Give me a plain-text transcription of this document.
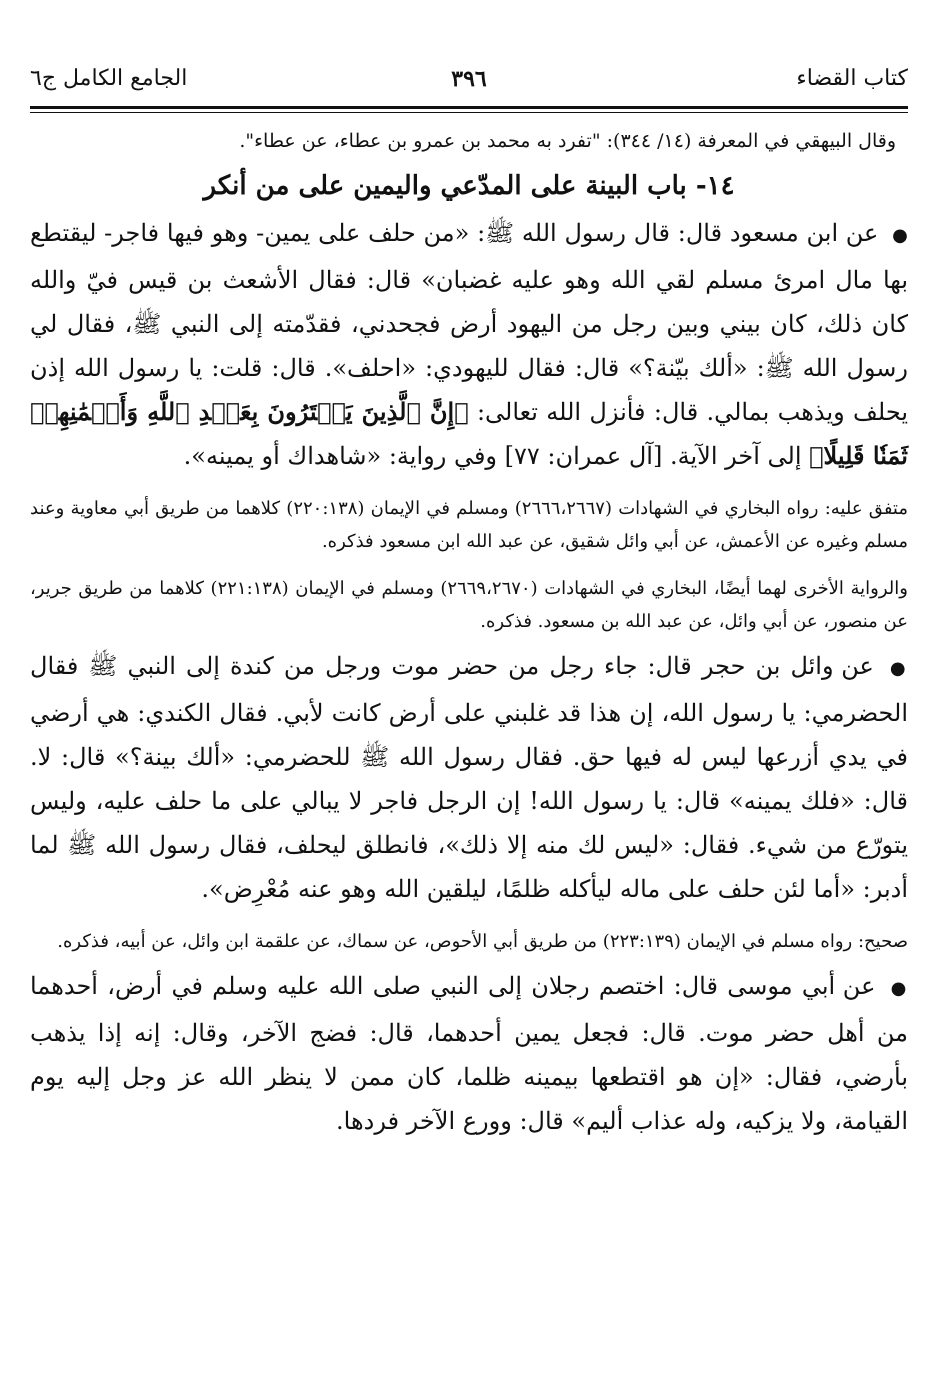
كتاب القضاء
٣٩٦
الجامع الكامل ج٦

وقال البيهقي في المعرفة (١٤/ ٣٤٤): "تفرد به محمد بن عمرو بن عطاء، عن عطاء".

١٤- باب البينة على المدّعي واليمين على من أنكر

● عن ابن مسعود قال: قال رسول الله ﷺ: «من حلف على يمين- وهو فيها فاجر- ليقتطع بها مال امرئ مسلم لقي الله وهو عليه غضبان» قال: فقال الأشعث بن قيس فيّ والله كان ذلك، كان بيني وبين رجل من اليهود أرض فجحدني، فقدّمته إلى النبي ﷺ، فقال لي رسول الله ﷺ: «ألك بيّنة؟» قال: فقال لليهودي: «احلف». قال: قلت: يا رسول الله إذن يحلف ويذهب بمالي. قال: فأنزل الله تعالى: ﴿إِنَّ ٱلَّذِينَ يَشۡتَرُونَ بِعَهۡدِ ٱللَّهِ وَأَيۡمَٰنِهِمۡ ثَمَنٗا قَلِيلًا﴾ إلى آخر الآية. [آل عمران: ٧٧] وفي رواية: «شاهداك أو يمينه».

متفق عليه: رواه البخاري في الشهادات (٢٦٦٦،٢٦٦٧) ومسلم في الإيمان (٢٢٠:١٣٨) كلاهما من طريق أبي معاوية وعند مسلم وغيره عن الأعمش، عن أبي وائل شقيق، عن عبد الله ابن مسعود فذكره.

والرواية الأخرى لهما أيضًا، البخاري في الشهادات (٢٦٦٩،٢٦٧٠) ومسلم في الإيمان (٢٢١:١٣٨) كلاهما من طريق جرير، عن منصور، عن أبي وائل، عن عبد الله بن مسعود. فذكره.

● عن وائل بن حجر قال: جاء رجل من حضر موت ورجل من كندة إلى النبي ﷺ فقال الحضرمي: يا رسول الله، إن هذا قد غلبني على أرض كانت لأبي. فقال الكندي: هي أرضي في يدي أزرعها ليس له فيها حق. فقال رسول الله ﷺ للحضرمي: «ألك بينة؟» قال: لا. قال: «فلك يمينه» قال: يا رسول الله! إن الرجل فاجر لا يبالي على ما حلف عليه، وليس يتورّع من شيء. فقال: «ليس لك منه إلا ذلك»، فانطلق ليحلف، فقال رسول الله ﷺ لما أدبر: «أما لئن حلف على ماله ليأكله ظلمًا، ليلقين الله وهو عنه مُعْرِض».

صحيح: رواه مسلم في الإيمان (٢٢٣:١٣٩) من طريق أبي الأحوص، عن سماك، عن علقمة ابن وائل، عن أبيه، فذكره.

● عن أبي موسى قال: اختصم رجلان إلى النبي صلى الله عليه وسلم في أرض، أحدهما من أهل حضر موت. قال: فجعل يمين أحدهما، قال: فضج الآخر، وقال: إنه إذا يذهب بأرضي، فقال: «إن هو اقتطعها بيمينه ظلما، كان ممن لا ينظر الله عز وجل إليه يوم القيامة، ولا يزكيه، وله عذاب أليم» قال: وورع الآخر فردها.
